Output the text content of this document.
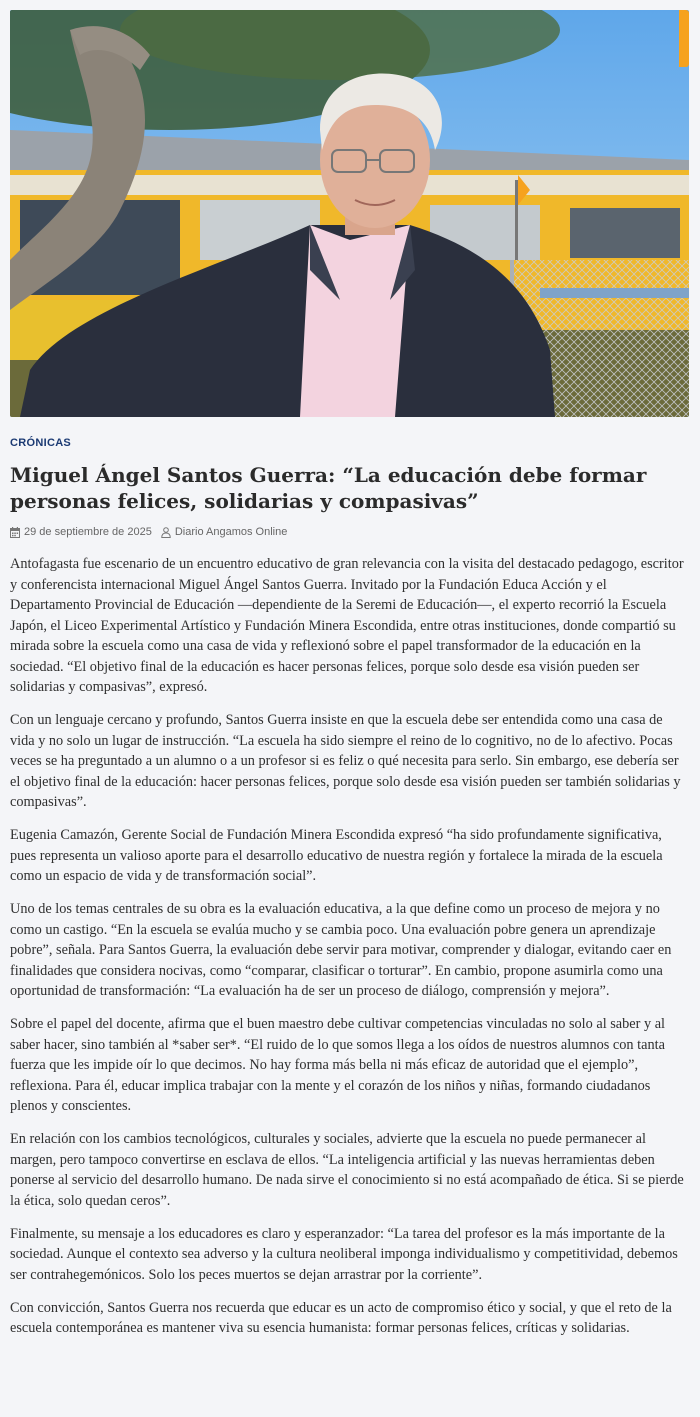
CRÓNICAS
Miguel Ángel Santos Guerra: “La educación debe formar personas felices, solidarias y compasivas”
29 de septiembre de 2025 Diario Angamos Online

Antofagasta fue escenario de un encuentro educativo de gran relevancia con la visita del destacado pedagogo, escritor y conferencista internacional Miguel Ángel Santos Guerra. Invitado por la Fundación Educa Acción y el Departamento Provincial de Educación —dependiente de la Seremi de Educación—, el experto recorrió la Escuela Japón, el Liceo Experimental Artístico y Fundación Minera Escondida, entre otras instituciones, donde compartió su mirada sobre la escuela como una casa de vida y reflexionó sobre el papel transformador de la educación en la sociedad. “El objetivo final de la educación es hacer personas felices, porque solo desde esa visión pueden ser solidarias y compasivas”, expresó.

Con un lenguaje cercano y profundo, Santos Guerra insiste en que la escuela debe ser entendida como una casa de vida y no solo un lugar de instrucción. “La escuela ha sido siempre el reino de lo cognitivo, no de lo afectivo. Pocas veces se ha preguntado a un alumno o a un profesor si es feliz o qué necesita para serlo. Sin embargo, ese debería ser el objetivo final de la educación: hacer personas felices, porque solo desde esa visión pueden ser también solidarias y compasivas”.

Eugenia Camazón, Gerente Social de Fundación Minera Escondida expresó “ha sido profundamente significativa, pues representa un valioso aporte para el desarrollo educativo de nuestra región y fortalece la mirada de la escuela como un espacio de vida y de transformación social”.

Uno de los temas centrales de su obra es la evaluación educativa, a la que define como un proceso de mejora y no como un castigo. “En la escuela se evalúa mucho y se cambia poco. Una evaluación pobre genera un aprendizaje pobre”, señala. Para Santos Guerra, la evaluación debe servir para motivar, comprender y dialogar, evitando caer en finalidades que considera nocivas, como “comparar, clasificar o torturar”. En cambio, propone asumirla como una oportunidad de transformación: “La evaluación ha de ser un proceso de diálogo, comprensión y mejora”.

Sobre el papel del docente, afirma que el buen maestro debe cultivar competencias vinculadas no solo al saber y al saber hacer, sino también al *saber ser*. “El ruido de lo que somos llega a los oídos de nuestros alumnos con tanta fuerza que les impide oír lo que decimos. No hay forma más bella ni más eficaz de autoridad que el ejemplo”, reflexiona. Para él, educar implica trabajar con la mente y el corazón de los niños y niñas, formando ciudadanos plenos y conscientes.

En relación con los cambios tecnológicos, culturales y sociales, advierte que la escuela no puede permanecer al margen, pero tampoco convertirse en esclava de ellos. “La inteligencia artificial y las nuevas herramientas deben ponerse al servicio del desarrollo humano. De nada sirve el conocimiento si no está acompañado de ética. Si se pierde la ética, solo quedan ceros”.

Finalmente, su mensaje a los educadores es claro y esperanzador: “La tarea del profesor es la más importante de la sociedad. Aunque el contexto sea adverso y la cultura neoliberal imponga individualismo y competitividad, debemos ser contrahegemónicos. Solo los peces muertos se dejan arrastrar por la corriente”.

Con convicción, Santos Guerra nos recuerda que educar es un acto de compromiso ético y social, y que el reto de la escuela contemporánea es mantener viva su esencia humanista: formar personas felices, críticas y solidarias.
